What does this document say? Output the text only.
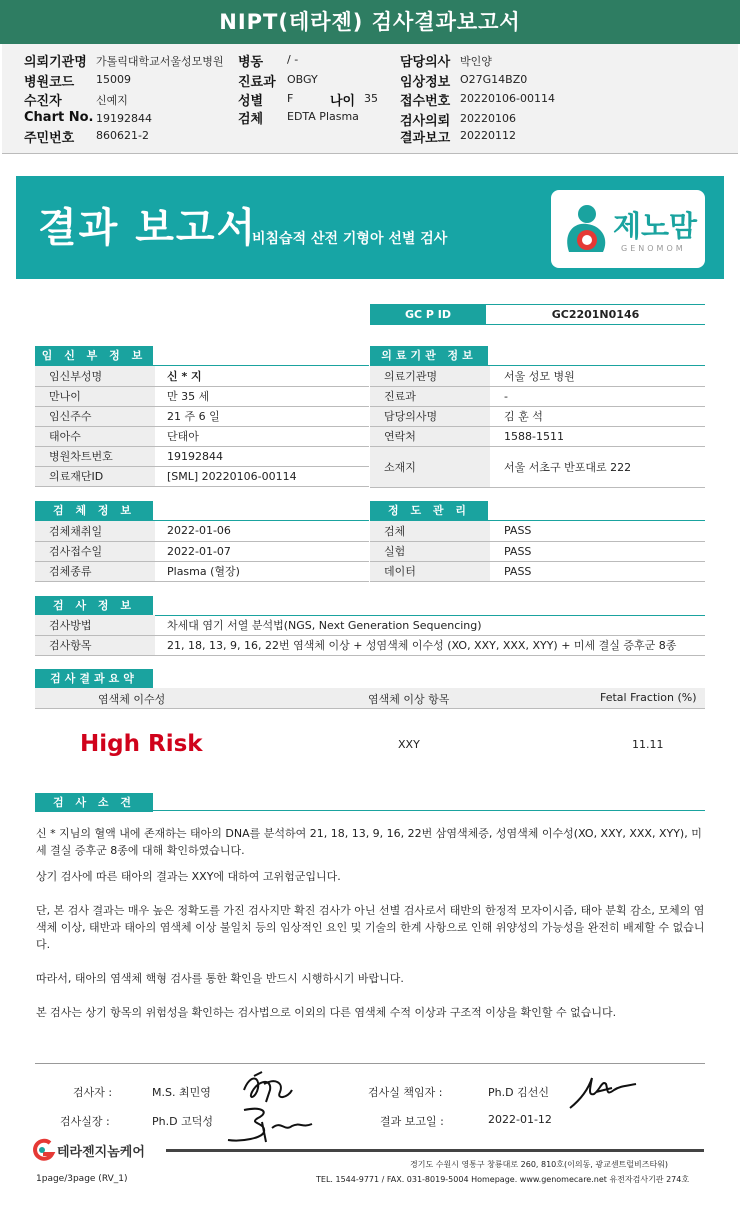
NIPT(테라젠) 검사결과보고서
의뢰기관명 가톨릭대학교서울성모병원
병원코드 15009
수진자	신예지
Chart No. 19192844
주민번호 860621-2
병동 / -
진료과 OBGY
성별 F	나이 35
검체 EDTA Plasma
담당의사 박인양
임상정보 O27G14BZ0
접수번호 20220106-00114
검사의뢰 20220106
결과보고 20220112
결과 보고서
비침습적 산전 기형아 선별 검사	제노맘
GENOMOM
GC P ID	GC2201N0146
임 신 부 정 보
임신부성명	신 * 지
만나이	만 35 세
임신주수	21 주 6 일
태아수	단태아
병원차트번호	19192844
의료재단ID	[SML] 20220106-00114
의료기관 정보
의료기관명	서울 성모 병원
진료과	-
담당의사명	김 훈 석
연락처	1588-1511
소재지	서울 서초구 반포대로 222
검 체 정 보
검체채취일	2022-01-06
검사접수일	2022-01-07
검체종류	Plasma (혈장)
정 도 관 리
검체	PASS
실험	PASS
데이터	PASS
검 사 정 보
검사방법	차세대 염기 서열 분석법(NGS, Next Generation Sequencing)
검사항목	21, 18, 13, 9, 16, 22번 염색체 이상 + 성염색체 이수성 (XO, XXY, XXX, XYY) + 미세 결실 증후군 8종
검사결과요약
염색체 이수성	염색체 이상 항목	Fetal Fraction (%)
High Risk	XXY	11.11
검 사 소 견

신 * 지님의 혈액 내에 존재하는 태아의 DNA를 분석하여 21, 18, 13, 9, 16, 22번 삼염색체증, 성염색체 이수성(XO, XXY, XXX, XYY), 미세 결실 증후군 8종에 대해 확인하였습니다.

상기 검사에 따른 태아의 결과는 XXY에 대하여 고위험군입니다.

단, 본 검사 결과는 매우 높은 정확도를 가진 검사지만 확진 검사가 아닌 선별 검사로서 태반의 한정적 모자이시즘, 태아 분획 감소, 모체의 염색체 이상, 태반과 태아의 염색체 이상 불일치 등의 임상적인 요인 및 기술의 한계 사항으로 인해 위양성의 가능성을 완전히 배제할 수 없습니다.

따라서, 태아의 염색체 핵형 검사를 통한 확인을 반드시 시행하시기 바랍니다.

본 검사는 상기 항목의 위험성을 확인하는 검사법으로 이외의 다른 염색체 수적 이상과 구조적 이상을 확인할 수 없습니다.

검사자 :	M.S. 최민영	검사실 책임자 :	Ph.D 김선신
검사실장 :	Ph.D 고덕성	결과 보고일 :	2022-01-12
테라젠지놈케어
경기도 수원시 영통구 창룡대로 260, 810호(이의동, 광교센트럴비즈타워)
TEL. 1544-9771 / FAX. 031-8019-5004 Homepage. www.genomecare.net 유전자검사기관 274호
1page/3page (RV_1)
